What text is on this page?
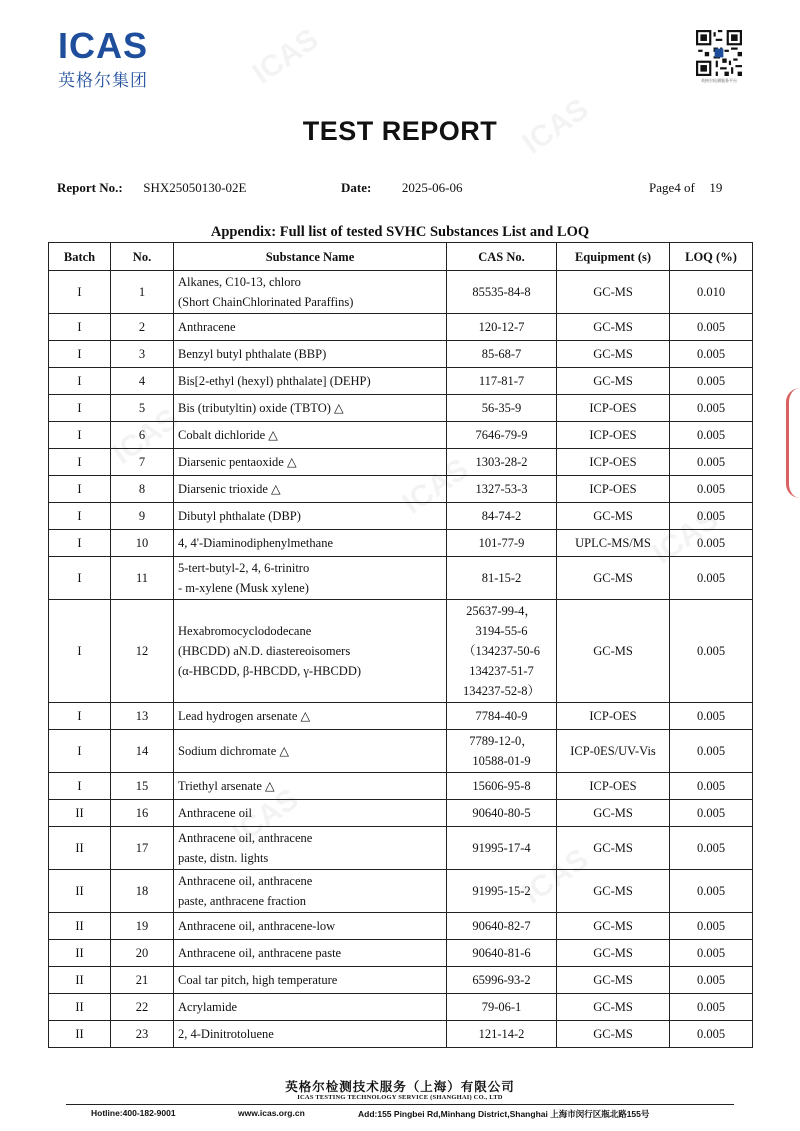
ICAS
英格尔集团	英格尔检测服务平台
TEST REPORT
Report No.: SHX25050130-02E	Date: 2025-06-06	Page4 of 19
Appendix: Full list of tested SVHC Substances List and LOQ
Batch	No.	Substance Name	CAS No.	Equipment (s)	LOQ (%)
I	1	Alkanes, C10-13, chloro
(Short ChainChlorinated Paraffins)	85535-84-8	GC-MS	0.010
I	2	Anthracene	120-12-7	GC-MS	0.005
I	3	Benzyl butyl phthalate (BBP)	85-68-7	GC-MS	0.005
I	4	Bis[2-ethyl (hexyl) phthalate] (DEHP)	117-81-7	GC-MS	0.005
I	5	Bis (tributyltin) oxide (TBTO) △	56-35-9	ICP-OES	0.005
I	6	Cobalt dichloride △	7646-79-9	ICP-OES	0.005
I	7	Diarsenic pentaoxide △	1303-28-2	ICP-OES	0.005
I	8	Diarsenic trioxide △	1327-53-3	ICP-OES	0.005
I	9	Dibutyl phthalate (DBP)	84-74-2	GC-MS	0.005
I	10	4, 4'-Diaminodiphenylmethane	101-77-9	UPLC-MS/MS	0.005
I	11	5-tert-butyl-2, 4, 6-trinitro
- m-xylene (Musk xylene)	81-15-2	GC-MS	0.005
I	12	Hexabromocyclododecane
(HBCDD) aN.D. diastereoisomers
(α-HBCDD, β-HBCDD, γ-HBCDD)	25637-99-4，
3194-55-6
（134237-50-6
134237-51-7
134237-52-8）	GC-MS	0.005
I	13	Lead hydrogen arsenate △	7784-40-9	ICP-OES	0.005
I	14	Sodium dichromate △	7789-12-0，
10588-01-9	ICP-0ES/UV-Vis	0.005
I	15	Triethyl arsenate △	15606-95-8	ICP-OES	0.005
II	16	Anthracene oil	90640-80-5	GC-MS	0.005
II	17	Anthracene oil, anthracene
paste, distn. lights	91995-17-4	GC-MS	0.005
II	18	Anthracene oil, anthracene
paste, anthracene fraction	91995-15-2	GC-MS	0.005
II	19	Anthracene oil, anthracene-low	90640-82-7	GC-MS	0.005
II	20	Anthracene oil, anthracene paste	90640-81-6	GC-MS	0.005
II	21	Coal tar pitch, high temperature	65996-93-2	GC-MS	0.005
II	22	Acrylamide	79-06-1	GC-MS	0.005
II	23	2, 4-Dinitrotoluene	121-14-2	GC-MS	0.005
英格尔检测技术服务（上海）有限公司
ICAS TESTING TECHNOLOGY SERVICE (SHANGHAI) CO., LTD
Hotline:400-182-9001	www.icas.org.cn	Add:155 Pingbei Rd,Minhang District,Shanghai 上海市闵行区瓶北路155号
